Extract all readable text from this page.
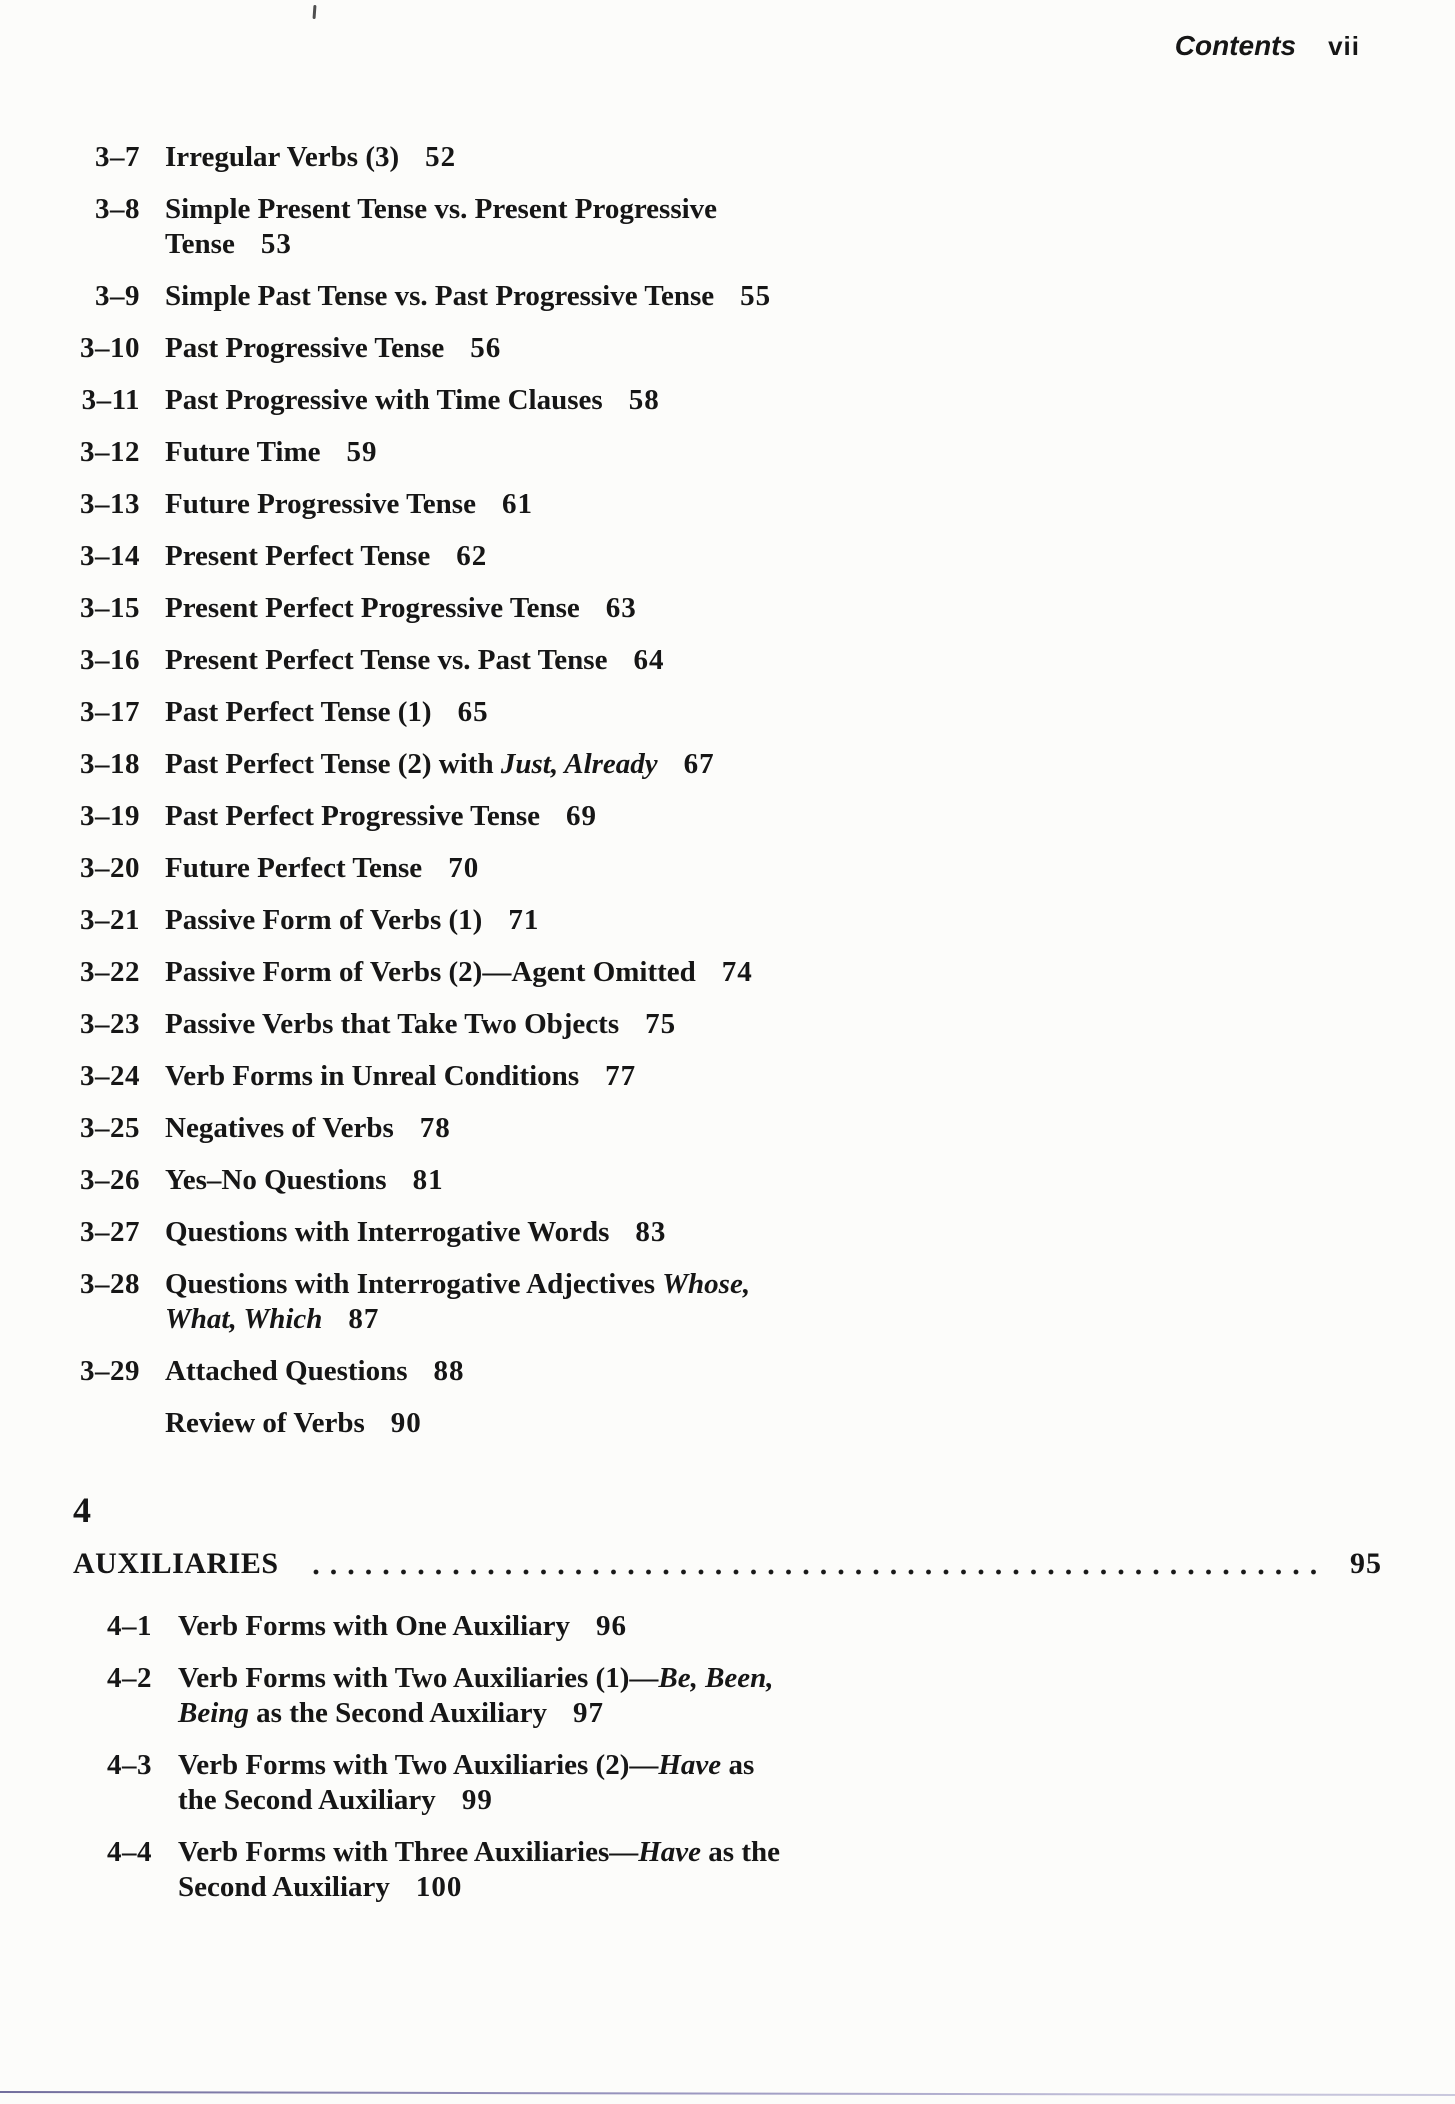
Contents vii
3–7 Irregular Verbs (3) 52
3–8 Simple Present Tense vs. Present Progressive
Tense 53
3–9 Simple Past Tense vs. Past Progressive Tense 55
3–10 Past Progressive Tense 56
3–11 Past Progressive with Time Clauses 58
3–12 Future Time 59
3–13 Future Progressive Tense 61
3–14 Present Perfect Tense 62
3–15 Present Perfect Progressive Tense 63
3–16 Present Perfect Tense vs. Past Tense 64
3–17 Past Perfect Tense (1) 65
3–18 Past Perfect Tense (2) with Just, Already 67
3–19 Past Perfect Progressive Tense 69
3–20 Future Perfect Tense 70
3–21 Passive Form of Verbs (1) 71
3–22 Passive Form of Verbs (2)—Agent Omitted 74
3–23 Passive Verbs that Take Two Objects 75
3–24 Verb Forms in Unreal Conditions 77
3–25 Negatives of Verbs 78
3–26 Yes–No Questions 81
3–27 Questions with Interrogative Words 83
3–28 Questions with Interrogative Adjectives Whose,
What, Which 87
3–29 Attached Questions 88
Review of Verbs 90
4
AUXILIARIES	95
4–1 Verb Forms with One Auxiliary 96
4–2 Verb Forms with Two Auxiliaries (1)—Be, Been,
Being as the Second Auxiliary 97
4–3 Verb Forms with Two Auxiliaries (2)—Have as
the Second Auxiliary 99
4–4 Verb Forms with Three Auxiliaries—Have as the
Second Auxiliary 100
